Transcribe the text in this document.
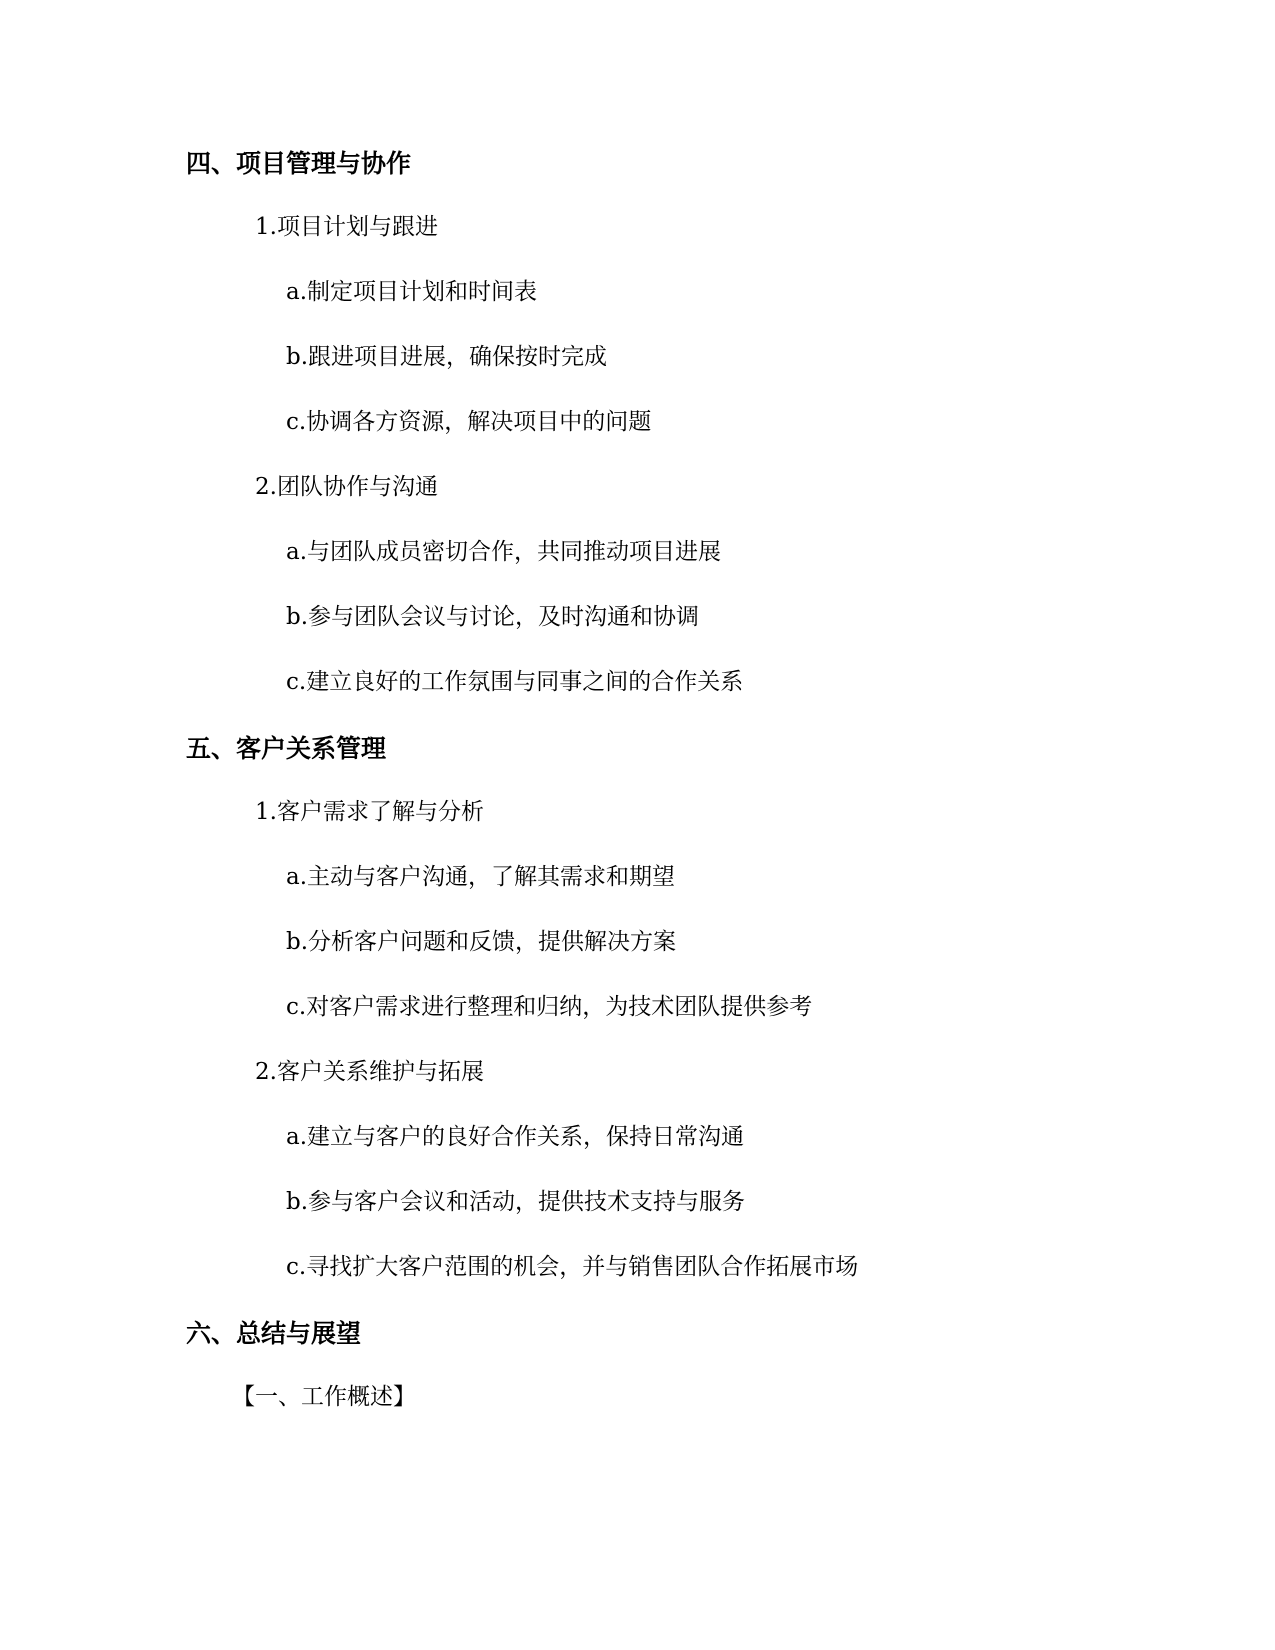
四、项目管理与协作
1.项目计划与跟进
a.制定项目计划和时间表
b.跟进项目进展，确保按时完成
c.协调各方资源，解决项目中的问题
2.团队协作与沟通
a.与团队成员密切合作，共同推动项目进展
b.参与团队会议与讨论，及时沟通和协调
c.建立良好的工作氛围与同事之间的合作关系
五、客户关系管理
1.客户需求了解与分析
a.主动与客户沟通，了解其需求和期望
b.分析客户问题和反馈，提供解决方案
c.对客户需求进行整理和归纳，为技术团队提供参考
2.客户关系维护与拓展
a.建立与客户的良好合作关系，保持日常沟通
b.参与客户会议和活动，提供技术支持与服务
c.寻找扩大客户范围的机会，并与销售团队合作拓展市场
六、总结与展望
【一、工作概述】
